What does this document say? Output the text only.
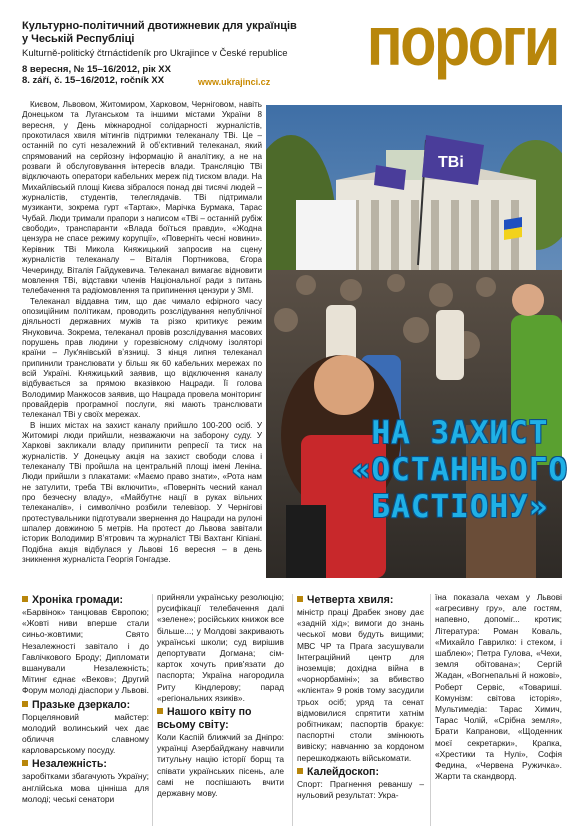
Культурно-політичний двотижневик для українців у Чеській Республіці

Kulturně-politický čtrnáctideník pro Ukrajince v České republice

8 вересня, № 15–16/2012, рік XX
8. září, č. 15–16/2012, ročník XX	www.ukrajinci.cz
пороги

Києвом, Львовом, Житомиром, Харковом, Черніговом, навіть Донецьком та Луганськом та іншими містами України 8 вересня, у День міжнародної солідарності журналістів, прокотилася хвиля мітингів підтримки телеканалу ТВі. Це – останній по суті незалежний й обʼєктивний телеканал, який спрямований на серйозну інформацію й аналітику, а не на розваги й обслуговування інтересів влади. Трансляцію ТВі відключають оператори кабельних мереж під тиском влади. На Михайлівській площі Києва зібралося понад дві тисячі людей – журналістів, студентів, телеглядачів. ТВі підтримали музиканти, зокрема гурт «Тартак», Марічка Бурмака, Тарас Чубай. Люди тримали прапори з написом «ТВі – останній рубіж свободи», транспаранти «Влада боїться правди», «Жодна цензура не спасе режиму корупції», «Поверніть чесні новини». Керівник ТВі Микола Княжицький запросив на сцену журналістів телеканалу – Віталія Портникова, Єгора Чечеринду, Віталія Гайдукевича. Телеканал вимагає відновити мовлення ТВі, відставки членів Національної ради з питань телебачення та радіомовлення та припинення цензури у ЗМІ.

Телеканал віддавна тим, що дає чимало ефірного часу опозиційним політикам, проводить розслідування непублічної діяльності державних мужів та різко критикує режим Януковича. Зокрема, телеканал провів розслідування масових порушень прав людини у горезвісному слідчому ізоляторі країни – Лук'янівській вʼязниці. З кінця липня телеканал припинили транслювати у більш як 60 кабельних мережах по всій Україні. Княжицький заявив, що відключення каналу відбувається за прямою вказівкою Нацради. Її голова Володимир Манжосов заявив, що Нацрада провела моніторинг провайдерів програмної послуги, які мають транслювати телеканал ТВі у своїх мережах.

В інших містах на захист каналу прийшло 100-200 осіб. У Житомирі люди прийшли, незважаючи на заборону суду. У Харкові закликали владу припинити репресії та тиск на журналістів. У Донецьку акція на захист свободи слова і телеканалу ТВі пройшла на центральній площі імені Леніна. Люди прийшли з плакатами: «Маємо право знати», «Рота нам не затулити, треба ТВі включити», «Поверніть чесний канал про безчесну владу», «Майбутнє нації в руках вільних телеканалів», і символічно розбили телевізор. У Чернігові протестувальники підготували звернення до Нацради на рулоні шпалер довжиною 5 метрів. На протест до Львова завітали історик Володимир Вʼятрович та журналіст ТВі Вахтанг Кіпіані. Подібна акція відбулася у Львові 16 вересня – в день зникнення журналіста Георгія Гонгадзе.

TBi
НА ЗАХИСТ
«ОСТАННЬОГО
БАСТІОНУ»
Хроніка громади:

«Барвінок» танцював Європою; «Жовті ниви вперше стали синьо-жовтими; Свято Незалежності завітало і до Гавлічкового Броду; Дипломати вшанували Незалежність; Мітинг єднає «Веков»; Другий Форум молоді діаспори у Львові.

Празьке дзеркало:

Порцеляновий майстер: молодий волинський чех дає обличчя славному карловарському посуду.

Незалежність:

заробітками збагачують Україну; англійська мова цінніша для молоді; чеські сенатори

прийняли українську резолюцію; русифікації телебачення далі «зелене»; російських книжок все більше...; у Молдові закривають українські школи; суд вирішив депортувати Догмана; сім-карток хочуть прив'язати до паспорта; Україна нагородила Риту Кіндлерову; парад «регіональних язиків».

Нашого квіту по всьому світу:

Коли Каспій ближчий за Дніпро: українці Азербайджану навчили титульну націю історії борщ та співати українських пісень, але самі не поспішають вчити державну мову.

Четверта хвиля:

міністр праці Драбек знову дає «задній хід»; вимоги до знань чеської мови будуть вищими; МВС ЧР та Прага засушували Інтеграційний центр для іноземців; дохідна війна в «чорнорбаміні»; за вбивство «клієнта» 9 років тому засудили трьох осіб; уряд та сенат відмовилися спрятити хатнім робітникам; паспортів бракує: паспортні столи змінюють вивіску; навчанню за кордоном перешкоджають військомати.

Калейдоскоп:

Спорт: Прагнення реваншу – нульовий результат: Укра-

їна показала чехам у Львові «агресивну гру», але гостям, напевно, допоміг... кротик; Література: Роман Коваль, «Михайло Гаврилко: і стеком, і шаблею»; Петра Гулова, «Чехи, земля обітована»; Сергій Жадан, «Вогнепальні й ножові», Роберт Сервіс, «Товариші. Комунізм: світова історія», Мультимедіа: Тарас Химич, Тарас Чолій, «Срібна земля», Брати Капранови, «Щоденник моєї секретарки», Крапка, «Хрестики та Нулі», Софія Федина, «Червена Ружичка». Жарти та скандворд.
